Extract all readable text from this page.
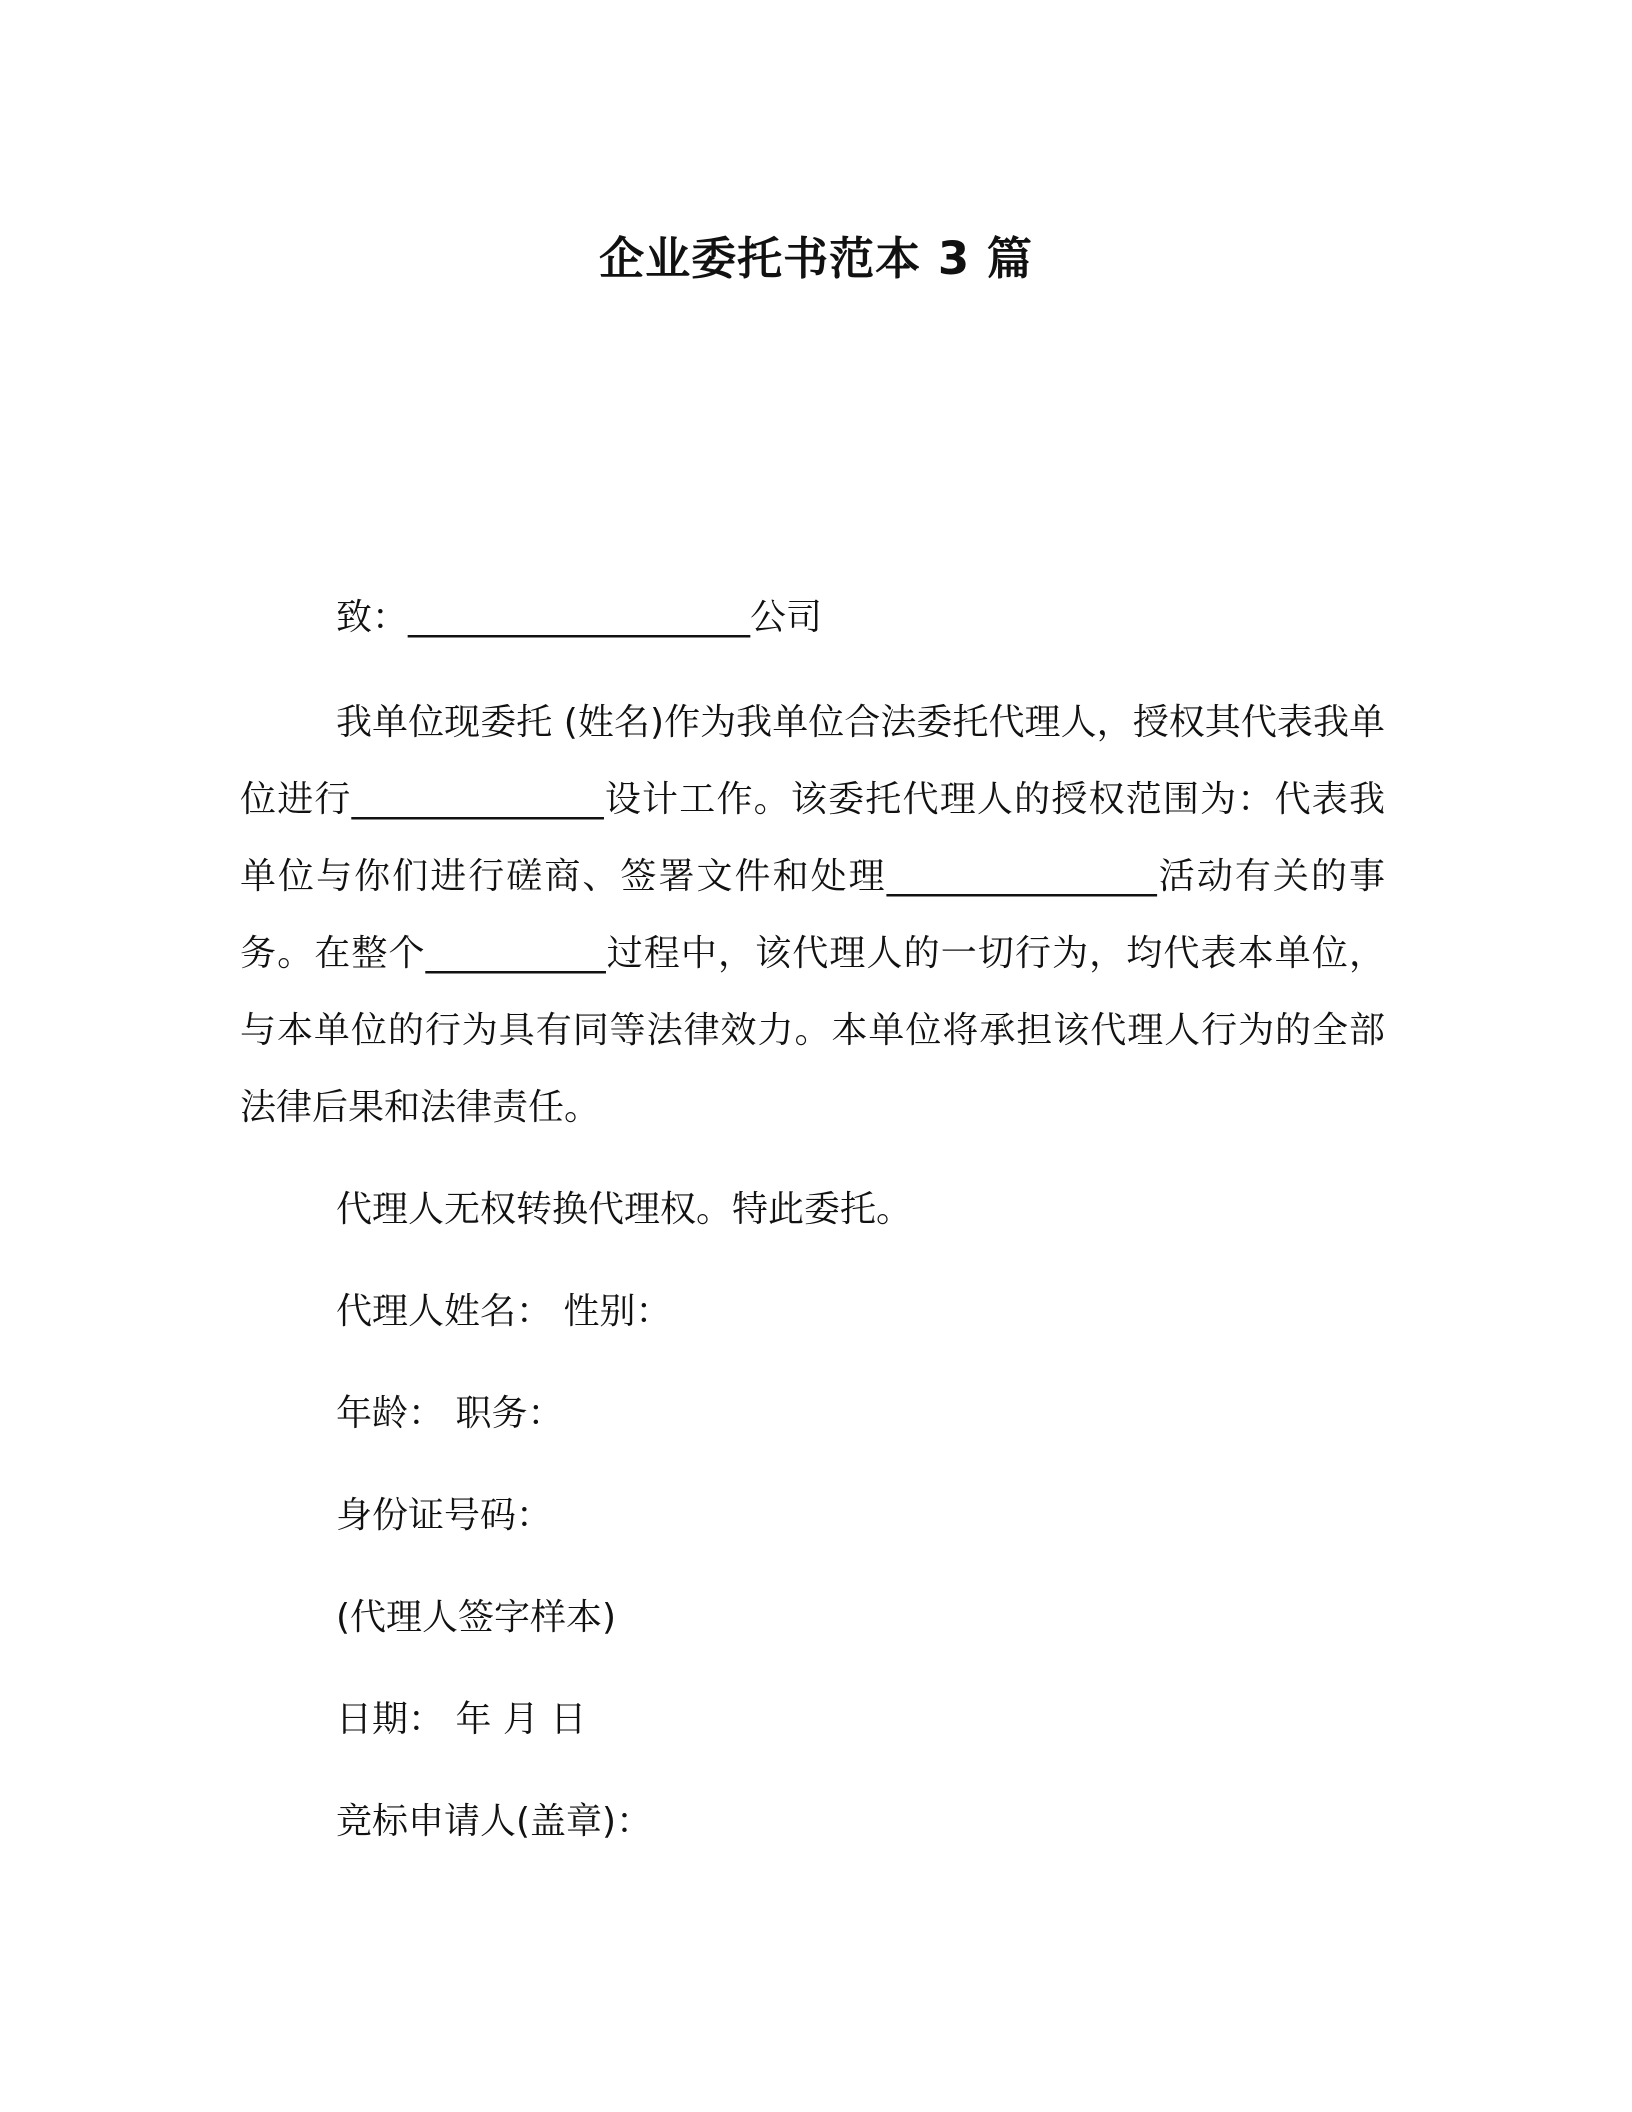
企业委托书范本 3 篇
致：___________________公司

我单位现委托 (姓名)作为我单位合法委托代理人，授权其代表我单位进行______________设计工作。该委托代理人的授权范围为：代表我单位与你们进行磋商、签署文件和处理_______________活动有关的事务。在整个__________过程中，该代理人的一切行为，均代表本单位，与本单位的行为具有同等法律效力。本单位将承担该代理人行为的全部法律后果和法律责任。

代理人无权转换代理权。特此委托。
代理人姓名： 性别：
年龄： 职务：
身份证号码：
(代理人签字样本)
日期： 年 月 日
竞标申请人(盖章)：
